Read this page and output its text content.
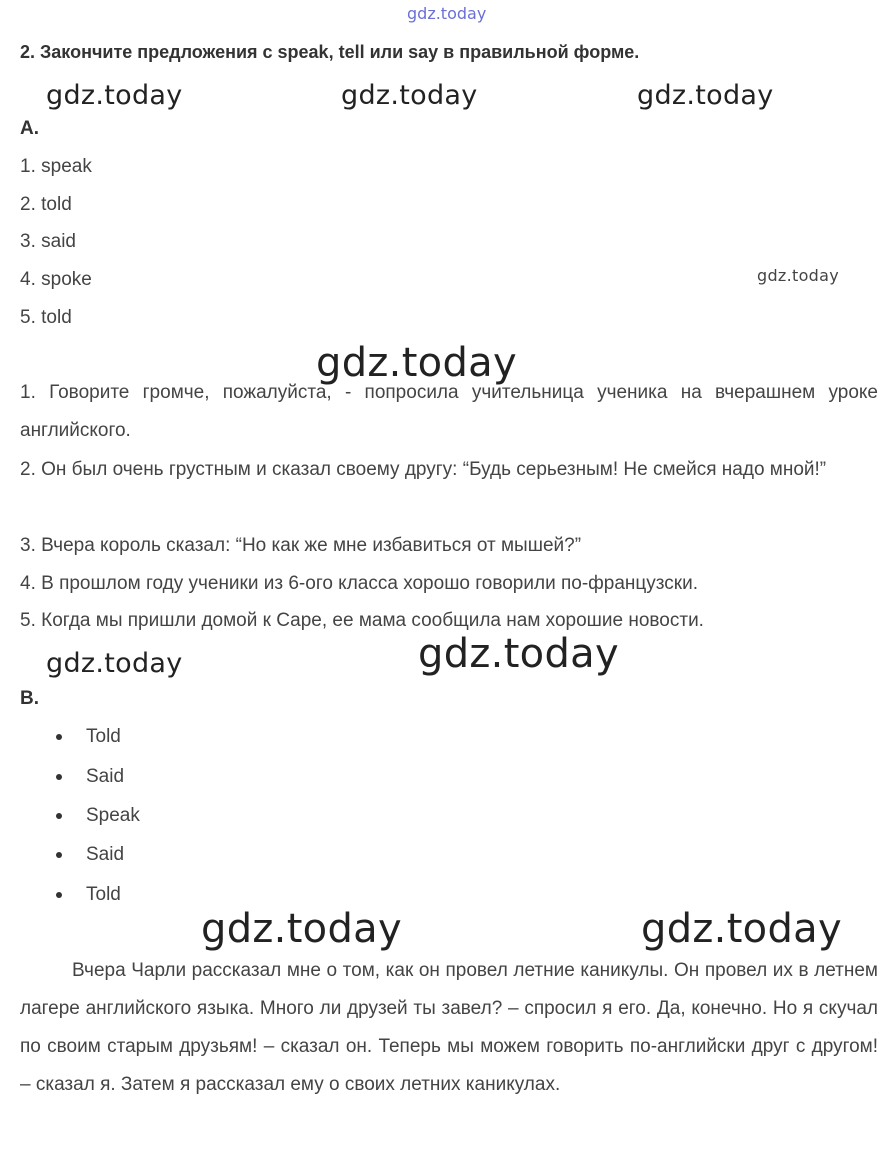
gdz.today
gdz.today	gdz.today	gdz.today
gdz.today
gdz.today
gdz.today	gdz.today
gdz.today	gdz.today
2. Закончите предложения с speak, tell или say в правильной форме.
A.
1. speak
2. told
3. said
4. spoke
5. told
1. Говорите громче, пожалуйста, - попросила учительница ученика на вчерашнем уроке английского.
2. Он был очень грустным и сказал своему другу: “Будь серьезным! Не смейся надо мной!”
3. Вчера король сказал: “Но как же мне избавиться от мышей?”
4. В прошлом году ученики из 6-ого класса хорошо говорили по-французски.
5. Когда мы пришли домой к Саре, ее мама сообщила нам хорошие новости.
B.
Told
Said
Speak
Said
Told
Вчера Чарли рассказал мне о том, как он провел летние каникулы. Он провел их в летнем лагере английского языка. Много ли друзей ты завел? – спросил я его. Да, конечно. Но я скучал по своим старым друзьям! – сказал он. Теперь мы можем говорить по-английски друг с другом! – сказал я. Затем я рассказал ему о своих летних каникулах.
